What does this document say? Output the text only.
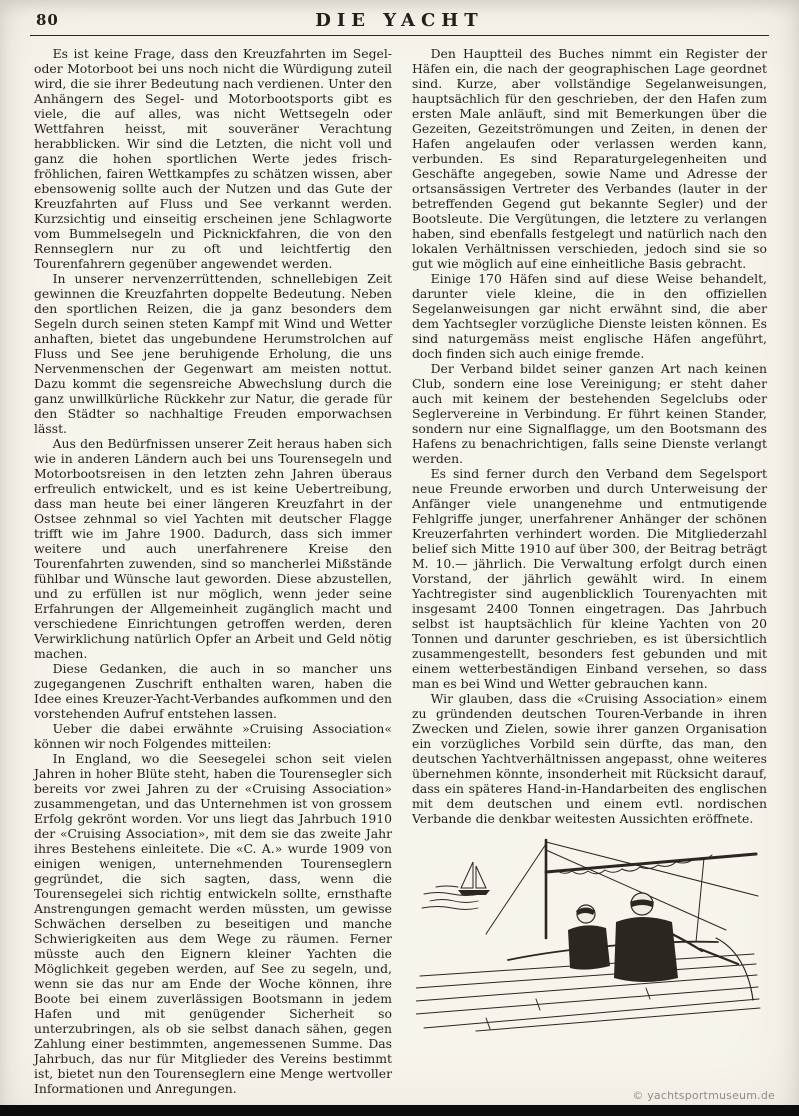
80	DIE YACHT

Es ist keine Frage, dass den Kreuzfahrten im Segel- oder Motorboot bei uns noch nicht die Würdigung zuteil wird, die sie ihrer Bedeutung nach verdienen. Unter den Anhängern des Segel- und Motorbootsports gibt es viele, die auf alles, was nicht Wettsegeln oder Wettfahren heisst, mit souveräner Verachtung herabblicken. Wir sind die Letzten, die nicht voll und ganz die hohen sportlichen Werte jedes frisch-fröhlichen, fairen Wettkampfes zu schätzen wissen, aber ebensowenig sollte auch der Nutzen und das Gute der Kreuzfahrten auf Fluss und See verkannt werden. Kurzsichtig und einseitig erscheinen jene Schlagworte vom Bummelsegeln und Picknickfahren, die von den Rennseglern nur zu oft und leichtfertig den Tourenfahrern gegenüber angewendet werden.

In unserer nervenzerrüttenden, schnellebigen Zeit gewinnen die Kreuzfahrten doppelte Bedeutung. Neben den sportlichen Reizen, die ja ganz besonders dem Segeln durch seinen steten Kampf mit Wind und Wetter anhaften, bietet das ungebundene Herumstrolchen auf Fluss und See jene beruhigende Erholung, die uns Nervenmenschen der Gegenwart am meisten nottut. Dazu kommt die segensreiche Abwechslung durch die ganz unwillkürliche Rückkehr zur Natur, die gerade für den Städter so nachhaltige Freuden emporwachsen lässt.

Aus den Bedürfnissen unserer Zeit heraus haben sich wie in anderen Ländern auch bei uns Tourensegeln und Motorbootsreisen in den letzten zehn Jahren überaus erfreulich entwickelt, und es ist keine Uebertreibung, dass man heute bei einer längeren Kreuzfahrt in der Ostsee zehnmal so viel Yachten mit deutscher Flagge trifft wie im Jahre 1900. Dadurch, dass sich immer weitere und auch unerfahrenere Kreise den Tourenfahrten zuwenden, sind so mancherlei Mißstände fühlbar und Wünsche laut geworden. Diese abzustellen, und zu erfüllen ist nur möglich, wenn jeder seine Erfahrungen der Allgemeinheit zugänglich macht und verschiedene Einrichtungen getroffen werden, deren Verwirklichung natürlich Opfer an Arbeit und Geld nötig machen.

Diese Gedanken, die auch in so mancher uns zugegangenen Zuschrift enthalten waren, haben die Idee eines Kreuzer-Yacht-Verbandes aufkommen und den vorstehenden Aufruf entstehen lassen.

Ueber die dabei erwähnte »Cruising Association« können wir noch Folgendes mitteilen:

In England, wo die Seesegelei schon seit vielen Jahren in hoher Blüte steht, haben die Tourensegler sich bereits vor zwei Jahren zu der «Cruising Association» zusammengetan, und das Unternehmen ist von grossem Erfolg gekrönt worden. Vor uns liegt das Jahrbuch 1910 der «Cruising Association», mit dem sie das zweite Jahr ihres Bestehens einleitete. Die «C. A.» wurde 1909 von einigen wenigen, unternehmenden Tourenseglern gegründet, die sich sagten, dass, wenn die Tourensegelei sich richtig entwickeln sollte, ernsthafte Anstrengungen gemacht werden müssten, um gewisse Schwächen derselben zu beseitigen und manche Schwierigkeiten aus dem Wege zu räumen. Ferner müsste auch den Eignern kleiner Yachten die Möglichkeit gegeben werden, auf See zu segeln, und, wenn sie das nur am Ende der Woche können, ihre Boote bei einem zuverlässigen Bootsmann in jedem Hafen und mit genügender Sicherheit so unterzubringen, als ob sie selbst danach sähen, gegen Zahlung einer bestimmten, angemessenen Summe. Das Jahrbuch, das nur für Mitglieder des Vereins bestimmt ist, bietet nun den Tourenseglern eine Menge wertvoller Informationen und Anregungen.

Den Hauptteil des Buches nimmt ein Register der Häfen ein, die nach der geographischen Lage geordnet sind. Kurze, aber vollständige Segelanweisungen, hauptsächlich für den geschrieben, der den Hafen zum ersten Male anläuft, sind mit Bemerkungen über die Gezeiten, Gezeitströmungen und Zeiten, in denen der Hafen angelaufen oder verlassen werden kann, verbunden. Es sind Reparaturgelegenheiten und Geschäfte angegeben, sowie Name und Adresse der ortsansässigen Vertreter des Verbandes (lauter in der betreffenden Gegend gut bekannte Segler) und der Bootsleute. Die Vergütungen, die letztere zu verlangen haben, sind ebenfalls festgelegt und natürlich nach den lokalen Verhältnissen verschieden, jedoch sind sie so gut wie möglich auf eine einheitliche Basis gebracht.

Einige 170 Häfen sind auf diese Weise behandelt, darunter viele kleine, die in den offiziellen Segelanweisungen gar nicht erwähnt sind, die aber dem Yachtsegler vorzügliche Dienste leisten können. Es sind naturgemäss meist englische Häfen angeführt, doch finden sich auch einige fremde.

Der Verband bildet seiner ganzen Art nach keinen Club, sondern eine lose Vereinigung; er steht daher auch mit keinem der bestehenden Segelclubs oder Seglervereine in Verbindung. Er führt keinen Stander, sondern nur eine Signalflagge, um den Bootsmann des Hafens zu benachrichtigen, falls seine Dienste verlangt werden.

Es sind ferner durch den Verband dem Segelsport neue Freunde erworben und durch Unterweisung der Anfänger viele unangenehme und entmutigende Fehlgriffe junger, unerfahrener Anhänger der schönen Kreuzerfahrten verhindert worden. Die Mitgliederzahl belief sich Mitte 1910 auf über 300, der Beitrag beträgt M. 10.— jährlich. Die Verwaltung erfolgt durch einen Vorstand, der jährlich gewählt wird. In einem Yachtregister sind augenblicklich Tourenyachten mit insgesamt 2400 Tonnen eingetragen. Das Jahrbuch selbst ist hauptsächlich für kleine Yachten von 20 Tonnen und darunter geschrieben, es ist übersichtlich zusammengestellt, besonders fest gebunden und mit einem wetterbeständigen Einband versehen, so dass man es bei Wind und Wetter gebrauchen kann.

Wir glauben, dass die «Cruising Association» einem zu gründenden deutschen Touren-Verbande in ihren Zwecken und Zielen, sowie ihrer ganzen Organisation ein vorzügliches Vorbild sein dürfte, das man, den deutschen Yachtverhältnissen angepasst, ohne weiteres übernehmen könnte, insonderheit mit Rücksicht darauf, dass ein späteres Hand-in-Handarbeiten des englischen mit dem deutschen und einem evtl. nordischen Verbande die denkbar weitesten Aussichten eröffnete.

© yachtsportmuseum.de
